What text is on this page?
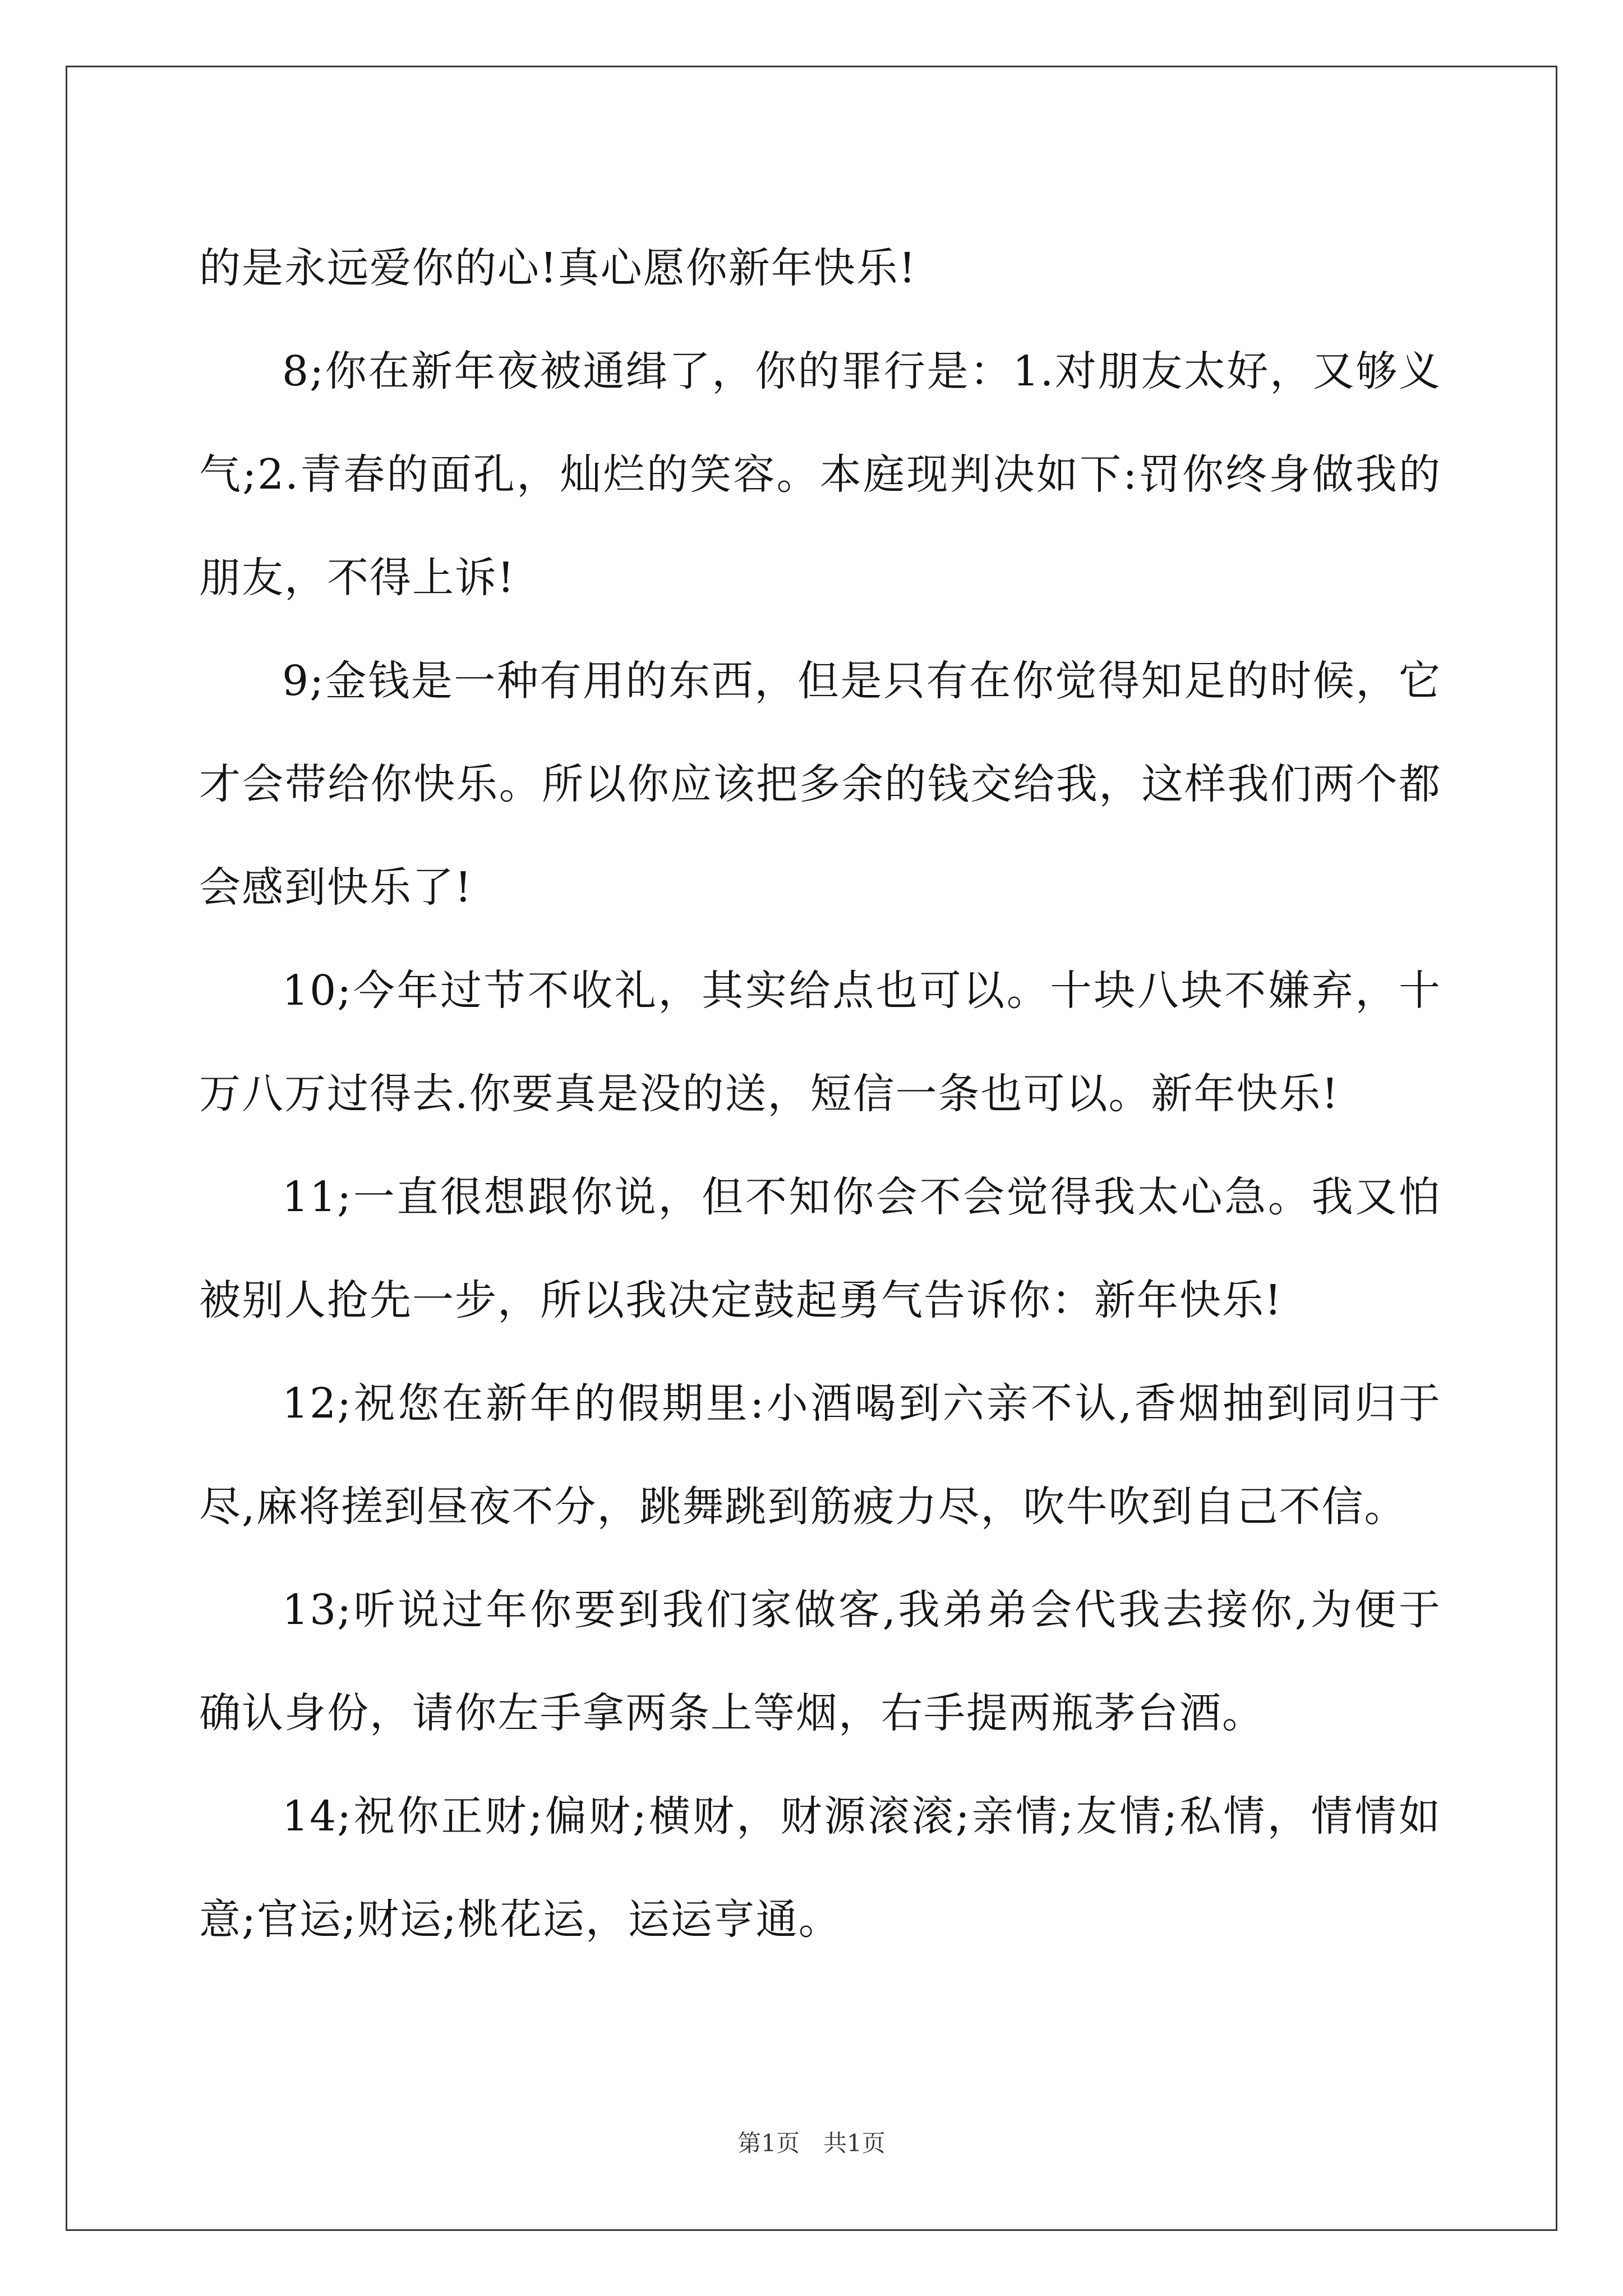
的是永远爱你的心!真心愿你新年快乐!

8;你在新年夜被通缉了，你的罪行是：1.对朋友太好，又够义气;2.青春的面孔，灿烂的笑容。本庭现判决如下:罚你终身做我的朋友，不得上诉!

9;金钱是一种有用的东西，但是只有在你觉得知足的时候，它才会带给你快乐。所以你应该把多余的钱交给我，这样我们两个都会感到快乐了!

10;今年过节不收礼，其实给点也可以。十块八块不嫌弃，十万八万过得去.你要真是没的送，短信一条也可以。新年快乐!

11;一直很想跟你说，但不知你会不会觉得我太心急。我又怕被别人抢先一步，所以我决定鼓起勇气告诉你：新年快乐!

12;祝您在新年的假期里:小酒喝到六亲不认,香烟抽到同归于尽,麻将搓到昼夜不分，跳舞跳到筋疲力尽，吹牛吹到自己不信。

13;听说过年你要到我们家做客,我弟弟会代我去接你,为便于确认身份，请你左手拿两条上等烟，右手提两瓶茅台酒。

14;祝你正财;偏财;横财，财源滚滚;亲情;友情;私情，情情如意;官运;财运;桃花运，运运亨通。

第1页　共1页
